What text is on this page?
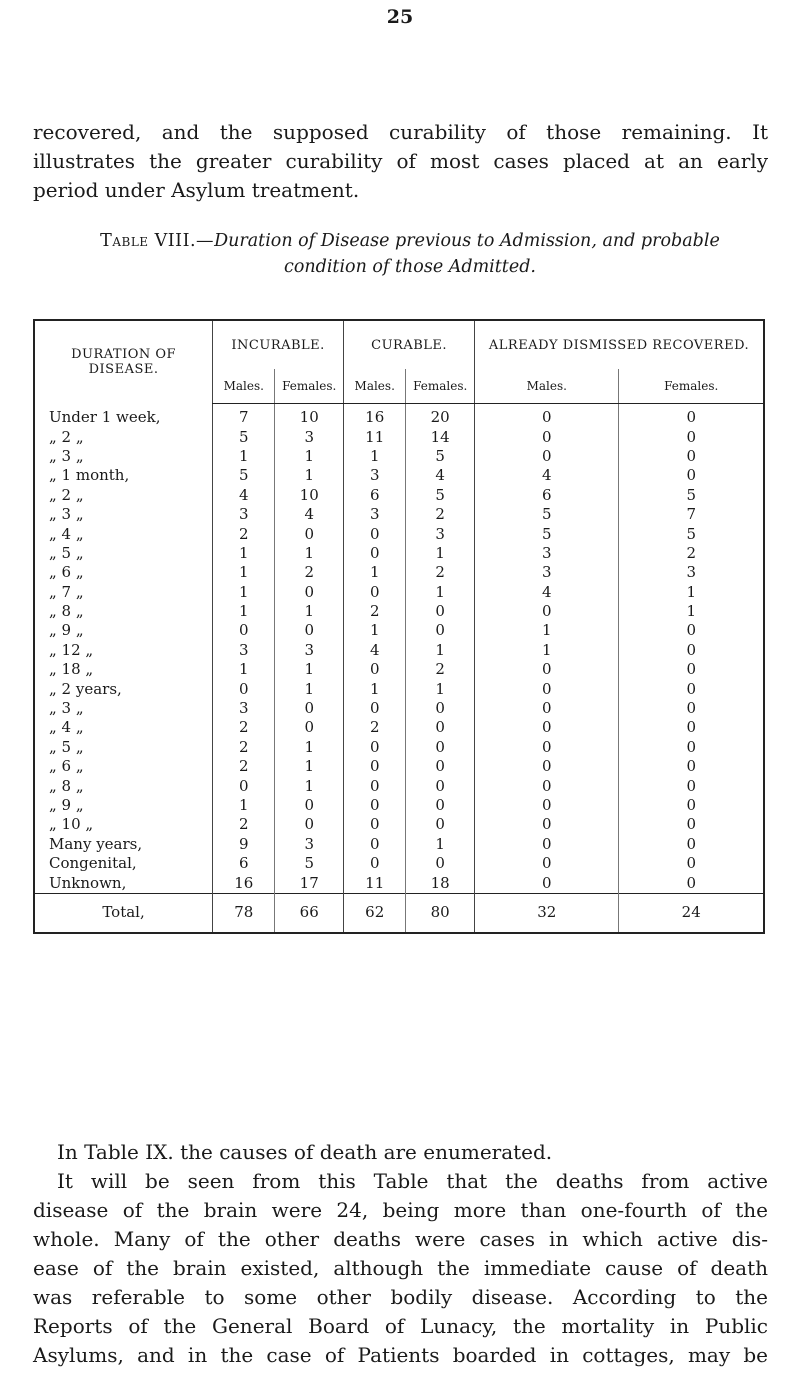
25
recovered, and the supposed curability of those remaining. It
illustrates the greater curability of most cases placed at an early
period under Asylum treatment.
Table VIII.—Duration of Disease previous to Admission, and probable
condition of those Admitted.
DURATION OF DISEASE.	INCURABLE.		CURABLE.		ALREADY DISMISSED RECOVERED.	
	Males.	Females.	Males.	Females.	Males.	Females.
Under 1 week,	7	10	16	20	0	0
„ 2 „	5	3	11	14	0	0
„ 3 „	1	1	1	5	0	0
„ 1 month,	5	1	3	4	4	0
„ 2 „	4	10	6	5	6	5
„ 3 „	3	4	3	2	5	7
„ 4 „	2	0	0	3	5	5
„ 5 „	1	1	0	1	3	2
„ 6 „	1	2	1	2	3	3
„ 7 „	1	0	0	1	4	1
„ 8 „	1	1	2	0	0	1
„ 9 „	0	0	1	0	1	0
„ 12 „	3	3	4	1	1	0
„ 18 „	1	1	0	2	0	0
„ 2 years,	0	1	1	1	0	0
„ 3 „	3	0	0	0	0	0
„ 4 „	2	0	2	0	0	0
„ 5 „	2	1	0	0	0	0
„ 6 „	2	1	0	0	0	0
„ 8 „	0	1	0	0	0	0
„ 9 „	1	0	0	0	0	0
„ 10 „	2	0	0	0	0	0
Many years,	9	3	0	1	0	0
Congenital,	6	5	0	0	0	0
Unknown,	16	17	11	18	0	0
Total,	78	66	62	80	32	24
In Table IX. the causes of death are enumerated.
It will be seen from this Table that the deaths from active
disease of the brain were 24, being more than one-fourth of the
whole. Many of the other deaths were cases in which active dis-
ease of the brain existed, although the immediate cause of death
was referable to some other bodily disease. According to the
Reports of the General Board of Lunacy, the mortality in Public
Asylums, and in the case of Patients boarded in cottages, may be
